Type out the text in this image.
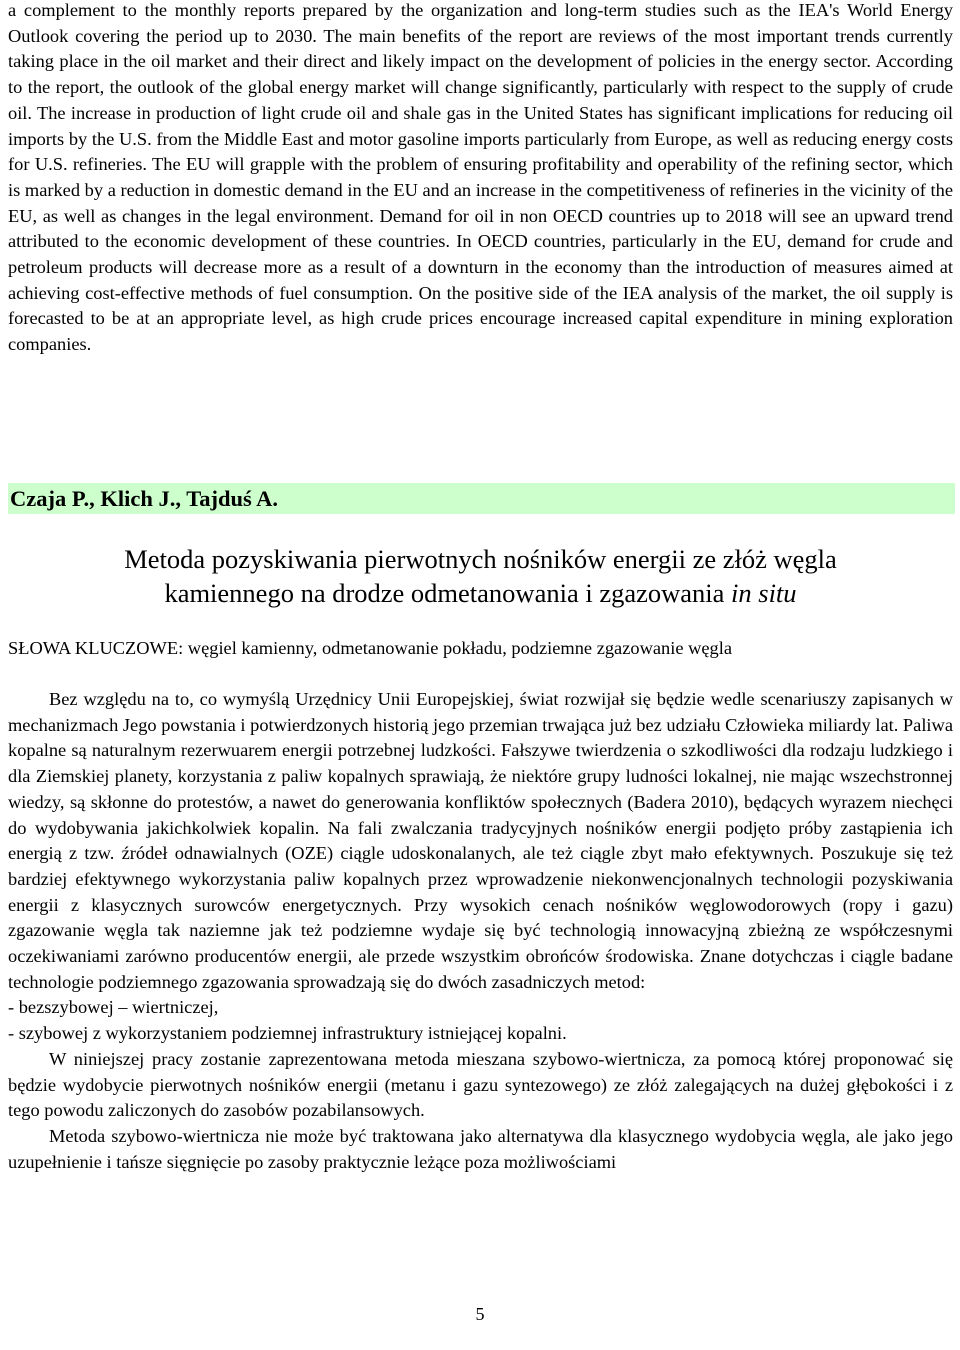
a complement to the monthly reports prepared by the organization and long-term studies such as the IEA's World Energy Outlook covering the period up to 2030. The main benefits of the report are reviews of the most important trends currently taking place in the oil market and their direct and likely impact on the development of policies in the energy sector. According to the report, the outlook of the global energy market will change significantly, particularly with respect to the supply of crude oil. The increase in production of light crude oil and shale gas in the United States has significant implications for reducing oil imports by the U.S. from the Middle East and motor gasoline imports particularly from Europe, as well as reducing energy costs for U.S. refineries. The EU will grapple with the problem of ensuring profitability and operability of the refining sector, which is marked by a reduction in domestic demand in the EU and an increase in the competitiveness of refineries in the vicinity of the EU, as well as changes in the legal environment. Demand for oil in non OECD countries up to 2018 will see an upward trend attributed to the economic development of these countries. In OECD countries, particularly in the EU, demand for crude and petroleum products will decrease more as a result of a downturn in the economy than the introduction of measures aimed at achieving cost-effective methods of fuel consumption. On the positive side of the IEA analysis of the market, the oil supply is forecasted to be at an appropriate level, as high crude prices encourage increased capital expenditure in mining exploration companies.

Czaja P., Klich J., Tajduś A.
Metoda pozyskiwania pierwotnych nośników energii ze złóż węgla
kamiennego na drodze odmetanowania i zgazowania in situ
SŁOWA KLUCZOWE: węgiel kamienny, odmetanowanie pokładu, podziemne zgazowanie węgla

Bez względu na to, co wymyślą Urzędnicy Unii Europejskiej, świat rozwijał się będzie wedle scenariuszy zapisanych w mechanizmach Jego powstania i potwierdzonych historią jego przemian trwająca już bez udziału Człowieka miliardy lat. Paliwa kopalne są naturalnym rezerwuarem energii potrzebnej ludzkości. Fałszywe twierdzenia o szkodliwości dla rodzaju ludzkiego i dla Ziemskiej planety, korzystania z paliw kopalnych sprawiają, że niektóre grupy ludności lokalnej, nie mając wszechstronnej wiedzy, są skłonne do protestów, a nawet do generowania konfliktów społecznych (Badera 2010), będących wyrazem niechęci do wydobywania jakichkolwiek kopalin. Na fali zwalczania tradycyjnych nośników energii podjęto próby zastąpienia ich energią z tzw. źródeł odnawialnych (OZE) ciągle udoskonalanych, ale też ciągle zbyt mało efektywnych. Poszukuje się też bardziej efektywnego wykorzystania paliw kopalnych przez wprowadzenie niekonwencjonalnych technologii pozyskiwania energii z klasycznych surowców energetycznych. Przy wysokich cenach nośników węglowodorowych (ropy i gazu) zgazowanie węgla tak naziemne jak też podziemne wydaje się być technologią innowacyjną zbieżną ze współczesnymi oczekiwaniami zarówno producentów energii, ale przede wszystkim obrońców środowiska. Znane dotychczas i ciągle badane technologie podziemnego zgazowania sprowadzają się do dwóch zasadniczych metod:

- bezszybowej – wiertniczej,

- szybowej z wykorzystaniem podziemnej infrastruktury istniejącej kopalni.

W niniejszej pracy zostanie zaprezentowana metoda mieszana szybowo-wiertnicza, za pomocą której proponować się będzie wydobycie pierwotnych nośników energii (metanu i gazu syntezowego) ze złóż zalegających na dużej głębokości i z tego powodu zaliczonych do zasobów pozabilansowych.

Metoda szybowo-wiertnicza nie może być traktowana jako alternatywa dla klasycznego wydobycia węgla, ale jako jego uzupełnienie i tańsze sięgnięcie po zasoby praktycznie leżące poza możliwościami

5
